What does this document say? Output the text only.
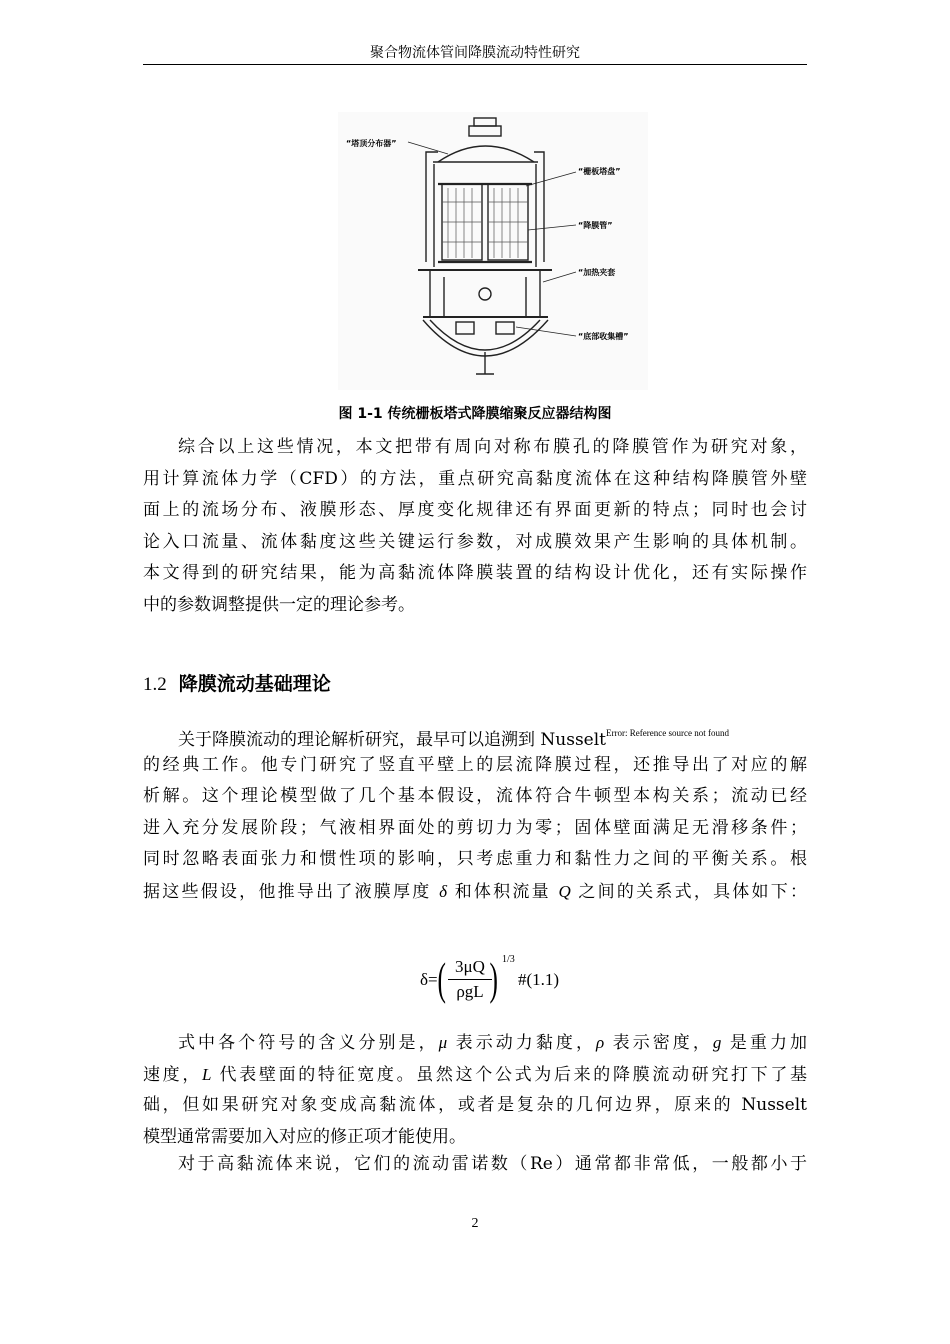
聚合物流体管间降膜流动特性研究
“塔顶分布器”
“栅板塔盘”
“降膜管”
“加热夹套
“底部收集槽”
图 1-1 传统栅板塔式降膜缩聚反应器结构图
综合以上这些情况，本文把带有周向对称布膜孔的降膜管作为研究对象，
用计算流体力学（CFD）的方法，重点研究高黏度流体在这种结构降膜管外壁
面上的流场分布、液膜形态、厚度变化规律还有界面更新的特点；同时也会讨
论入口流量、流体黏度这些关键运行参数，对成膜效果产生影响的具体机制。
本文得到的研究结果，能为高黏流体降膜装置的结构设计优化，还有实际操作
中的参数调整提供一定的理论参考。
1.2 降膜流动基础理论
关于降膜流动的理论解析研究，最早可以追溯到 Nusselt$^{Error: Reference source not found}$
的经典工作。他专门研究了竖直平壁上的层流降膜过程，还推导出了对应的解
析解。这个理论模型做了几个基本假设，流体符合牛顿型本构关系；流动已经
进入充分发展阶段；气液相界面处的剪切力为零；固体壁面满足无滑移条件；
同时忽略表面张力和惯性项的影响，只考虑重力和黏性力之间的平衡关系。根
据这些假设，他推导出了液膜厚度 δ 和体积流量 Q 之间的关系式，具体如下：
δ= ( 3μQ
ρgL ) 1/3
#(1.1)
式中各个符号的含义分别是，μ 表示动力黏度，ρ 表示密度，g 是重力加
速度，L 代表壁面的特征宽度。虽然这个公式为后来的降膜流动研究打下了基
础，但如果研究对象变成高黏流体，或者是复杂的几何边界，原来的 Nusselt
模型通常需要加入对应的修正项才能使用。
对于高黏流体来说，它们的流动雷诺数（Re）通常都非常低，一般都小于
2
